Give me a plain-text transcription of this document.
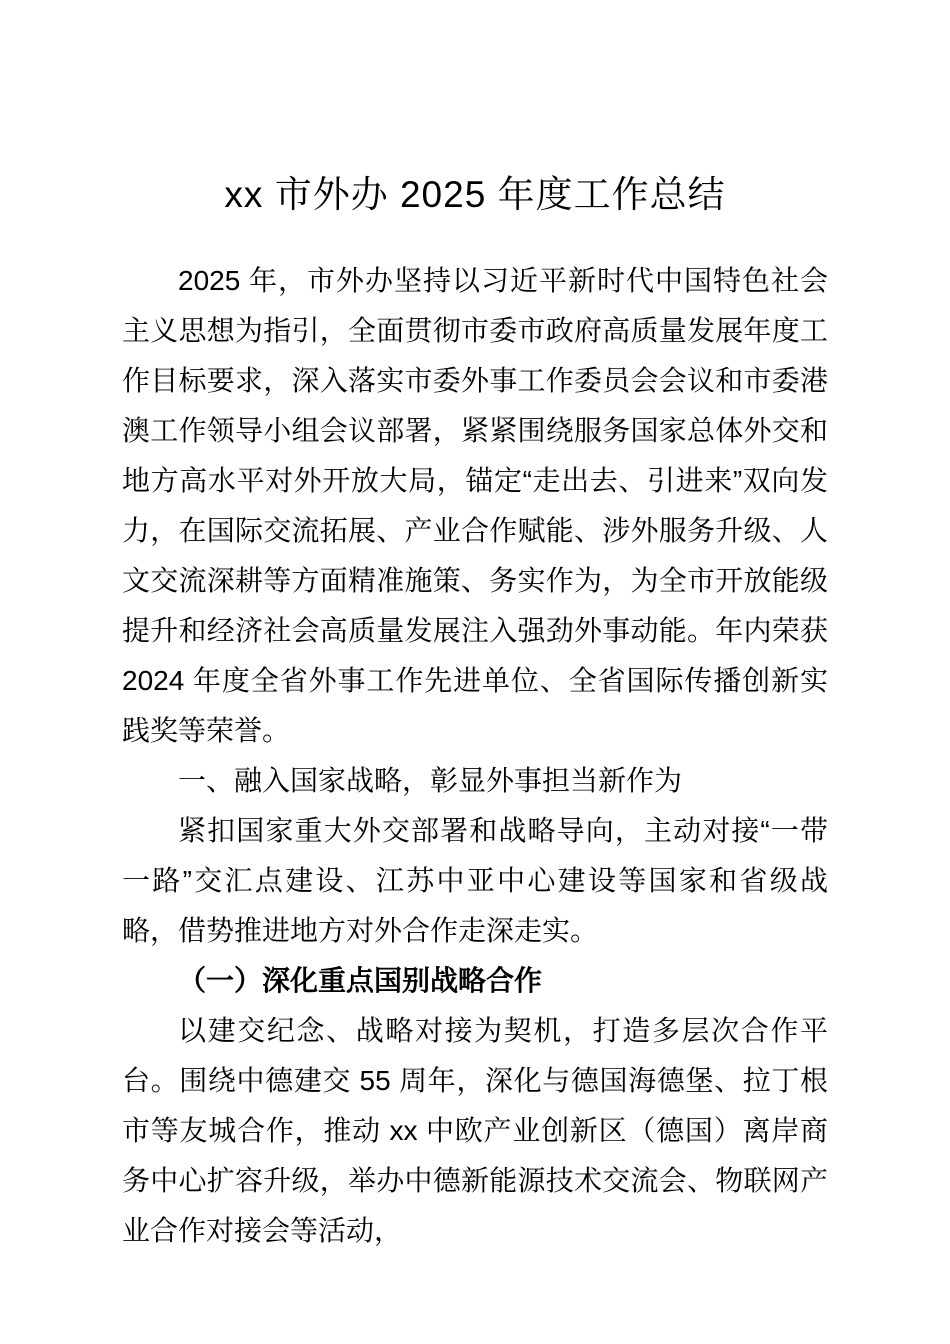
xx 市外办 2025 年度工作总结

2025 年，市外办坚持以习近平新时代中国特色社会主义思想为指引，全面贯彻市委市政府高质量发展年度工作目标要求，深入落实市委外事工作委员会会议和市委港澳工作领导小组会议部署，紧紧围绕服务国家总体外交和地方高水平对外开放大局，锚定“走出去、引进来”双向发力，在国际交流拓展、产业合作赋能、涉外服务升级、人文交流深耕等方面精准施策、务实作为，为全市开放能级提升和经济社会高质量发展注入强劲外事动能。年内荣获 2024 年度全省外事工作先进单位、全省国际传播创新实践奖等荣誉。

一、融入国家战略，彰显外事担当新作为

紧扣国家重大外交部署和战略导向，主动对接“一带一路”交汇点建设、江苏中亚中心建设等国家和省级战略，借势推进地方对外合作走深走实。

（一）深化重点国别战略合作

以建交纪念、战略对接为契机，打造多层次合作平台。围绕中德建交 55 周年，深化与德国海德堡、拉丁根市等友城合作，推动 xx 中欧产业创新区（德国）离岸商务中心扩容升级，举办中德新能源技术交流会、物联网产业合作对接会等活动，
